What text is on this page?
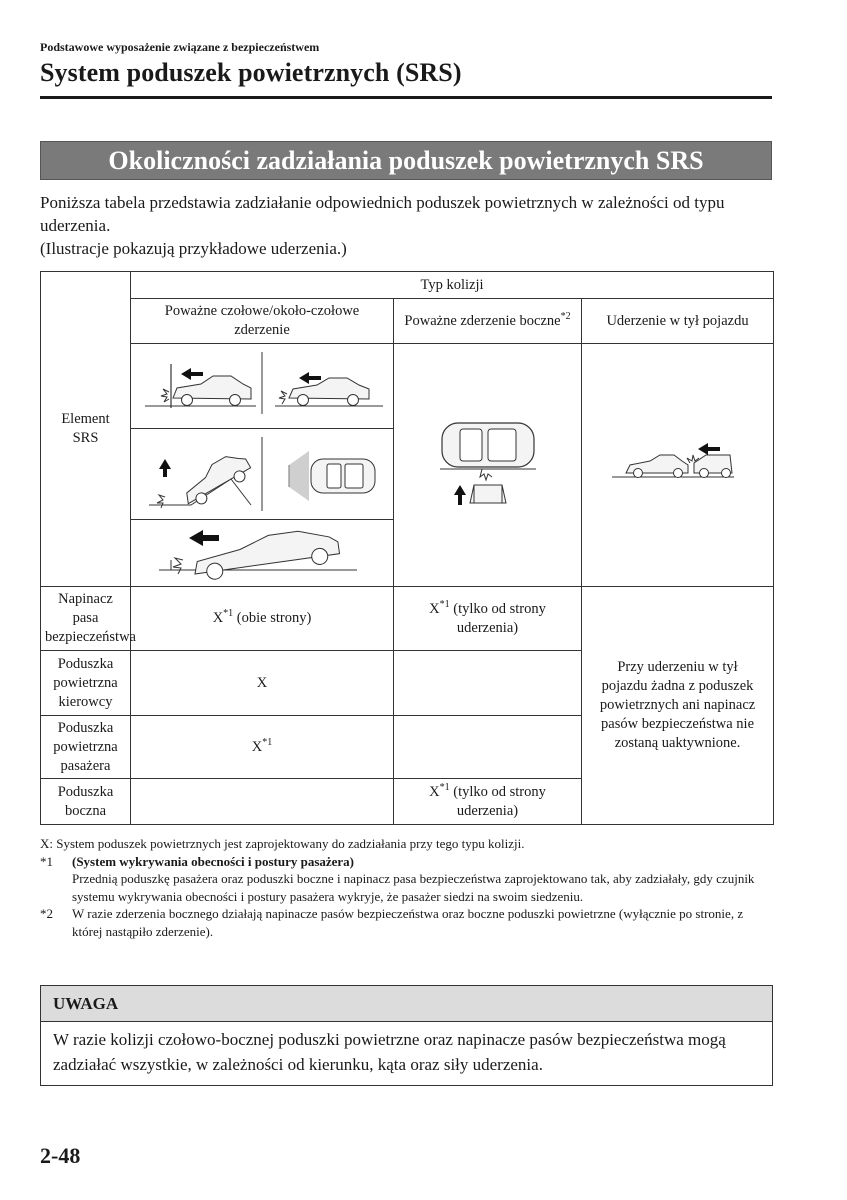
Podstawowe wyposażenie związane z bezpieczeństwem
System poduszek powietrznych (SRS)
Okoliczności zadziałania poduszek powietrznych SRS

Poniższa tabela przedstawia zadziałanie odpowiednich poduszek powietrznych w zależności od typu uderzenia.

(Ilustracje pokazują przykładowe uderzenia.)

Element SRS	Typ kolizji		
	Poważne czołowe/około-czołowe zderzenie	Poważne zderzenie boczne$^{*2}$	Uderzenie w tył pojazdu

Napinacz pasa bezpieczeństwa	$X^{*1}$ (obie strony)	$X^{*1}$ (tylko od strony uderzenia)	Przy uderzeniu w tył pojazdu żadna z poduszek powietrznych ani napinacz pasów bezpieczeństwa nie zostaną uaktywnione.
Poduszka powietrzna kierowcy	X		
Poduszka powietrzna pasażera	$X^{*1}$	
Poduszka boczna		$X^{*1}$ (tylko od strony uderzenia)	

X: System poduszek powietrznych jest zaprojektowany do zadziałania przy tego typu kolizji.

*1 (System wykrywania obecności i postury pasażera)
Przednią poduszkę pasażera oraz poduszki boczne i napinacz pasa bezpieczeństwa zaprojektowano tak, aby zadziałały, gdy czujnik systemu wykrywania obecności i postury pasażera wykryje, że pasażer siedzi na swoim siedzeniu.
*2 W razie zderzenia bocznego działają napinacze pasów bezpieczeństwa oraz boczne poduszki powietrzne (wyłącznie po stronie, z której nastąpiło zderzenie).
UWAGA
W razie kolizji czołowo-bocznej poduszki powietrzne oraz napinacze pasów bezpieczeństwa mogą zadziałać wszystkie, w zależności od kierunku, kąta oraz siły uderzenia.
2-48
